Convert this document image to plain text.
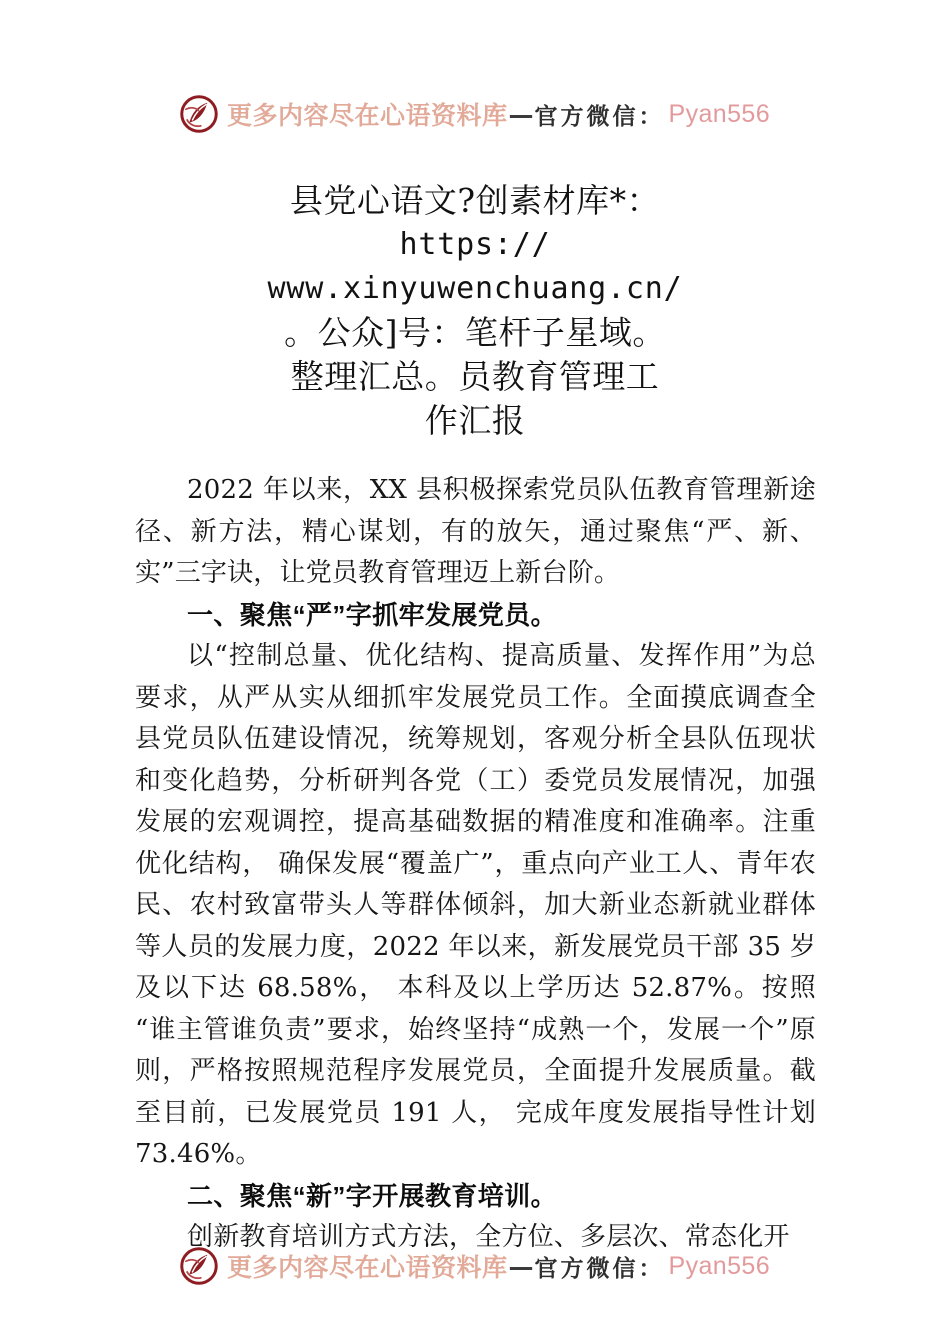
更多内容尽在心语资料库 — 官方微信： Pyan556
县党心语文?创素材库*：
https://
www.xinyuwenchuang.cn/
。公众]号：笔杆子星域。
整理汇总。员教育管理工
作汇报

2022 年以来，XX 县积极探索党员队伍教育管理新途径、新方法，精心谋划，有的放矢，通过聚焦“严、新、实”三字诀，让党员教育管理迈上新台阶。

一、聚焦“严”字抓牢发展党员。

以“控制总量、优化结构、提高质量、发挥作用”为总要求，从严从实从细抓牢发展党员工作。全面摸底调查全县党员队伍建设情况，统筹规划，客观分析全县队伍现状和变化趋势，分析研判各党（工）委党员发展情况，加强发展的宏观调控，提高基础数据的精准度和准确率。注重优化结构， 确保发展“覆盖广”，重点向产业工人、青年农民、农村致富带头人等群体倾斜，加大新业态新就业群体等人员的发展力度，2022 年以来，新发展党员干部 35 岁及以下达 68.58%， 本科及以上学历达 52.87%。按照“谁主管谁负责”要求，始终坚持“成熟一个，发展一个”原则，严格按照规范程序发展党员，全面提升发展质量。截至目前，已发展党员 191 人， 完成年度发展指导性计划 73.46%。

二、聚焦“新”字开展教育培训。

创新教育培训方式方法，全方位、多层次、常态化开

更多内容尽在心语资料库 — 官方微信： Pyan556
